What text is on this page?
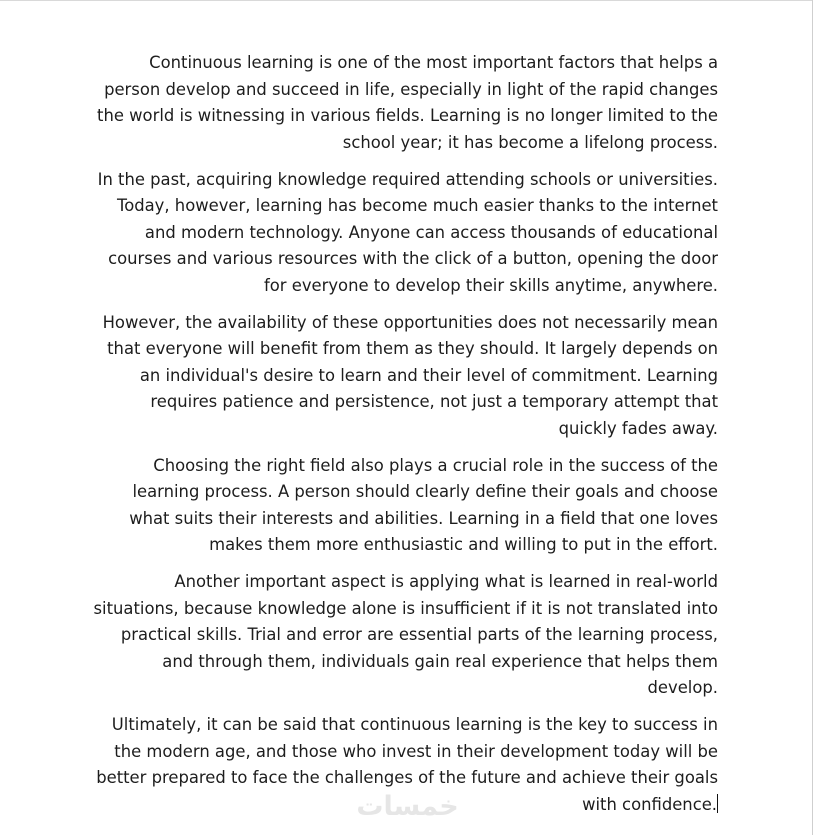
Continuous learning is one of the most important factors that helps a person develop and succeed in life, especially in light of the rapid changes the world is witnessing in various fields. Learning is no longer limited to the school year; it has become a lifelong process.

In the past, acquiring knowledge required attending schools or universities. Today, however, learning has become much easier thanks to the internet and modern technology. Anyone can access thousands of educational courses and various resources with the click of a button, opening the door for everyone to develop their skills anytime, anywhere.

However, the availability of these opportunities does not necessarily mean that everyone will benefit from them as they should. It largely depends on an individual's desire to learn and their level of commitment. Learning requires patience and persistence, not just a temporary attempt that quickly fades away.

Choosing the right field also plays a crucial role in the success of the learning process. A person should clearly define their goals and choose what suits their interests and abilities. Learning in a field that one loves makes them more enthusiastic and willing to put in the effort.

Another important aspect is applying what is learned in real-world situations, because knowledge alone is insufficient if it is not translated into practical skills. Trial and error are essential parts of the learning process, and through them, individuals gain real experience that helps them develop.

Ultimately, it can be said that continuous learning is the key to success in the modern age, and those who invest in their development today will be better prepared to face the challenges of the future and achieve their goals with confidence.

خمسات
